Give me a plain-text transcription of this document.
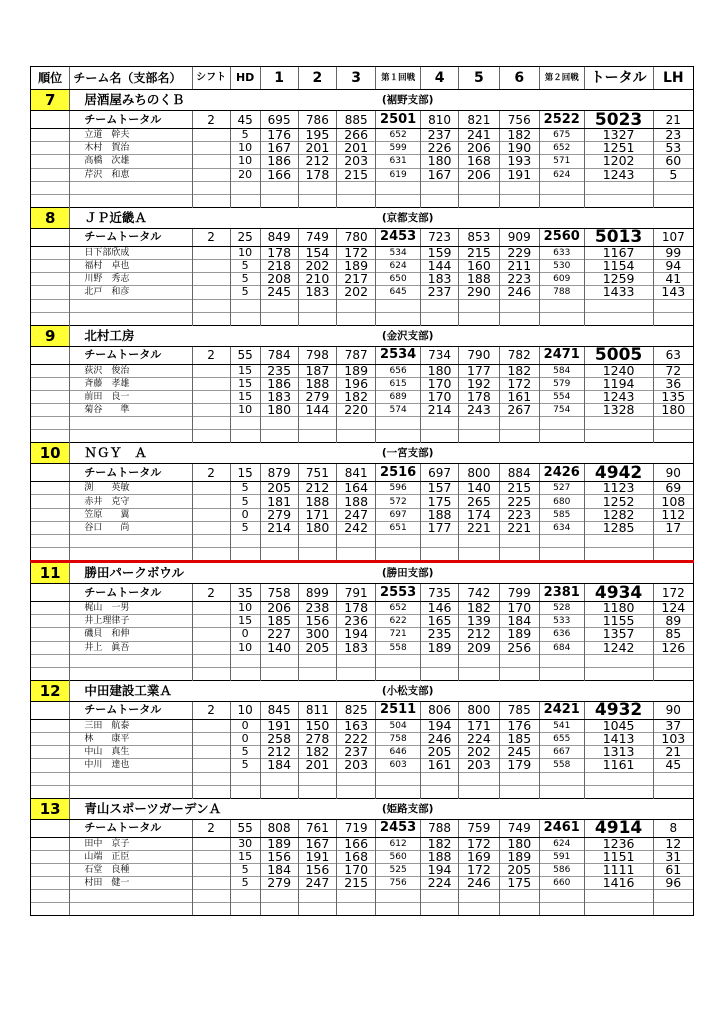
順位	チーム名（支部名）	シフト	HD	1	2	3	第１回戦	4	5	6	第２回戦	トータル	LH
7	居酒屋みちのくＢ						(裾野支部)						
	チームトータル	2	45	695	786	885	2501	810	821	756	2522	5023	21
	立道　幹夫		5	176	195	266	652	237	241	182	675	1327	23
	木村　賀治		10	167	201	201	599	226	206	190	652	1251	53
	高橋　次雄		10	186	212	203	631	180	168	193	571	1202	60
	芹沢　和恵		20	166	178	215	619	167	206	191	624	1243	5

8	ＪＰ近畿Ａ						(京都支部)						
	チームトータル	2	25	849	749	780	2453	723	853	909	2560	5013	107
	日下部欣成		10	178	154	172	534	159	215	229	633	1167	99
	福村　卓也		5	218	202	189	624	144	160	211	530	1154	94
	川野　秀志		5	208	210	217	650	183	188	223	609	1259	41
	北戸　和彦		5	245	183	202	645	237	290	246	788	1433	143

9	北村工房						(金沢支部)						
	チームトータル	2	55	784	798	787	2534	734	790	782	2471	5005	63
	荻沢　俊治		15	235	187	189	656	180	177	182	584	1240	72
	斉藤　孝雄		15	186	188	196	615	170	192	172	579	1194	36
	前田　良一		15	183	279	182	689	170	178	161	554	1243	135
	菊谷　　準		10	180	144	220	574	214	243	267	754	1328	180

10	ＮＧＹ　Ａ						(一宮支部)						
	チームトータル	2	15	879	751	841	2516	697	800	884	2426	4942	90
	渕　　英敏		5	205	212	164	596	157	140	215	527	1123	69
	赤井　克守		5	181	188	188	572	175	265	225	680	1252	108
	笠原　　翼		0	279	171	247	697	188	174	223	585	1282	112
	谷口　　尚		5	214	180	242	651	177	221	221	634	1285	17

11	勝田パークボウル						(勝田支部)						
	チームトータル	2	35	758	899	791	2553	735	742	799	2381	4934	172
	梶山　一男		10	206	238	178	652	146	182	170	528	1180	124
	井上理律子		15	185	156	236	622	165	139	184	533	1155	89
	磯貝　和伸		0	227	300	194	721	235	212	189	636	1357	85
	井上　眞吾		10	140	205	183	558	189	209	256	684	1242	126

12	中田建設工業Ａ						(小松支部)						
	チームトータル	2	10	845	811	825	2511	806	800	785	2421	4932	90
	三田　航泰		0	191	150	163	504	194	171	176	541	1045	37
	林　　康平		0	258	278	222	758	246	224	185	655	1413	103
	中山　真生		5	212	182	237	646	205	202	245	667	1313	21
	中川　達也		5	184	201	203	603	161	203	179	558	1161	45

13	青山スポーツガーデンＡ						(姫路支部)						
	チームトータル	2	55	808	761	719	2453	788	759	749	2461	4914	8
	田中　京子		30	189	167	166	612	182	172	180	624	1236	12
	山端　正臣		15	156	191	168	560	188	169	189	591	1151	31
	石堂　良種		5	184	156	170	525	194	172	205	586	1111	61
	村田　健一		5	279	247	215	756	224	246	175	660	1416	96
